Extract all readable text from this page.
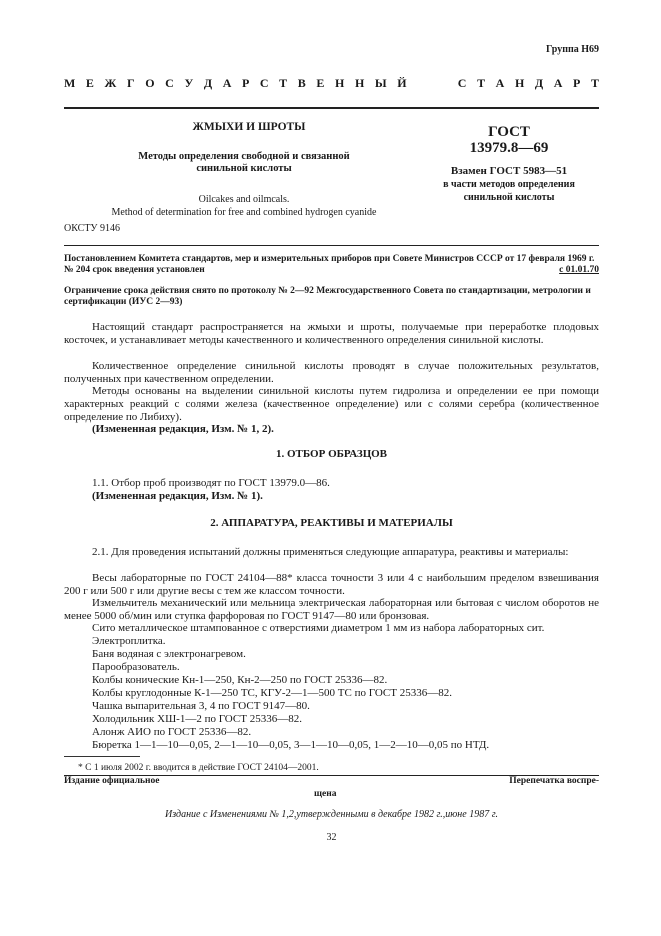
Группа Н69
М Е Ж Г О С У Д А Р С Т В Е Н Н Ы Й	С Т А Н Д А Р Т
ЖМЫХИ И ШРОТЫ
Методы определения свободной и связанной синильной кислоты
Oilcakes and oilmcals.
Method of determination for free and combined hydrogen cyanide
ГОСТ
13979.8—69
Взамен ГОСТ 5983—51
в части методов определения
синильной кислоты
ОКСТУ 9146
Постановлением Комитета стандартов, мер и измерительных приборов при Совете Министров СССР от 17 февраля 1969 г. № 204 срок введения установлен	с 01.01.70
Ограничение срока действия снято по протоколу № 2—92 Межгосударственного Совета по стандартизации, метрологии и сертификации (ИУС 2—93)
Настоящий стандарт распространяется на жмыхи и шроты, получаемые при переработке плодовых косточек, и устанавливает методы качественного и количественного определения синильной кислоты.
Количественное определение синильной кислоты проводят в случае положительных результатов, полученных при качественном определении.
Методы основаны на выделении синильной кислоты путем гидролиза и определении ее при помощи характерных реакций с солями железа (качественное определение) или с солями серебра (количественное определение по Либиху).
(Измененная редакция, Изм. № 1, 2).
1. ОТБОР ОБРАЗЦОВ
1.1. Отбор проб производят по ГОСТ 13979.0—86.
(Измененная редакция, Изм. № 1).
2. АППАРАТУРА, РЕАКТИВЫ И МАТЕРИАЛЫ
2.1. Для проведения испытаний должны применяться следующие аппаратура, реактивы и материалы:
Весы лабораторные по ГОСТ 24104—88* класса точности 3 или 4 с наибольшим пределом взвешивания 200 г или 500 г или другие весы с тем же классом точности.
Измельчитель механический или мельница электрическая лабораторная или бытовая с числом оборотов не менее 5000 об/мин или ступка фарфоровая по ГОСТ 9147—80 или бронзовая.
Сито металлическое штампованное с отверстиями диаметром 1 мм из набора лабораторных сит.
Электроплитка.
Баня водяная с электронагревом.
Парообразователь.
Колбы конические Кн-1—250, Кн-2—250 по ГОСТ 25336—82.
Колбы круглодонные К-1—250 ТС, КГУ-2—1—500 ТС по ГОСТ 25336—82.
Чашка выпарительная 3, 4 по ГОСТ 9147—80.
Холодильник ХШ-1—2 по ГОСТ 25336—82.
Алонж АИО по ГОСТ 25336—82.
Бюретка 1—1—10—0,05, 2—1—10—0,05, 3—1—10—0,05, 1—2—10—0,05 по НТД.
* С 1 июля 2002 г. вводится в действие ГОСТ 24104—2001.
Издание официальное	Перепечатка воспре-
щена
Издание с Изменениями № 1,2,утвержденными в декабре 1982 г.,июне 1987 г.
32
